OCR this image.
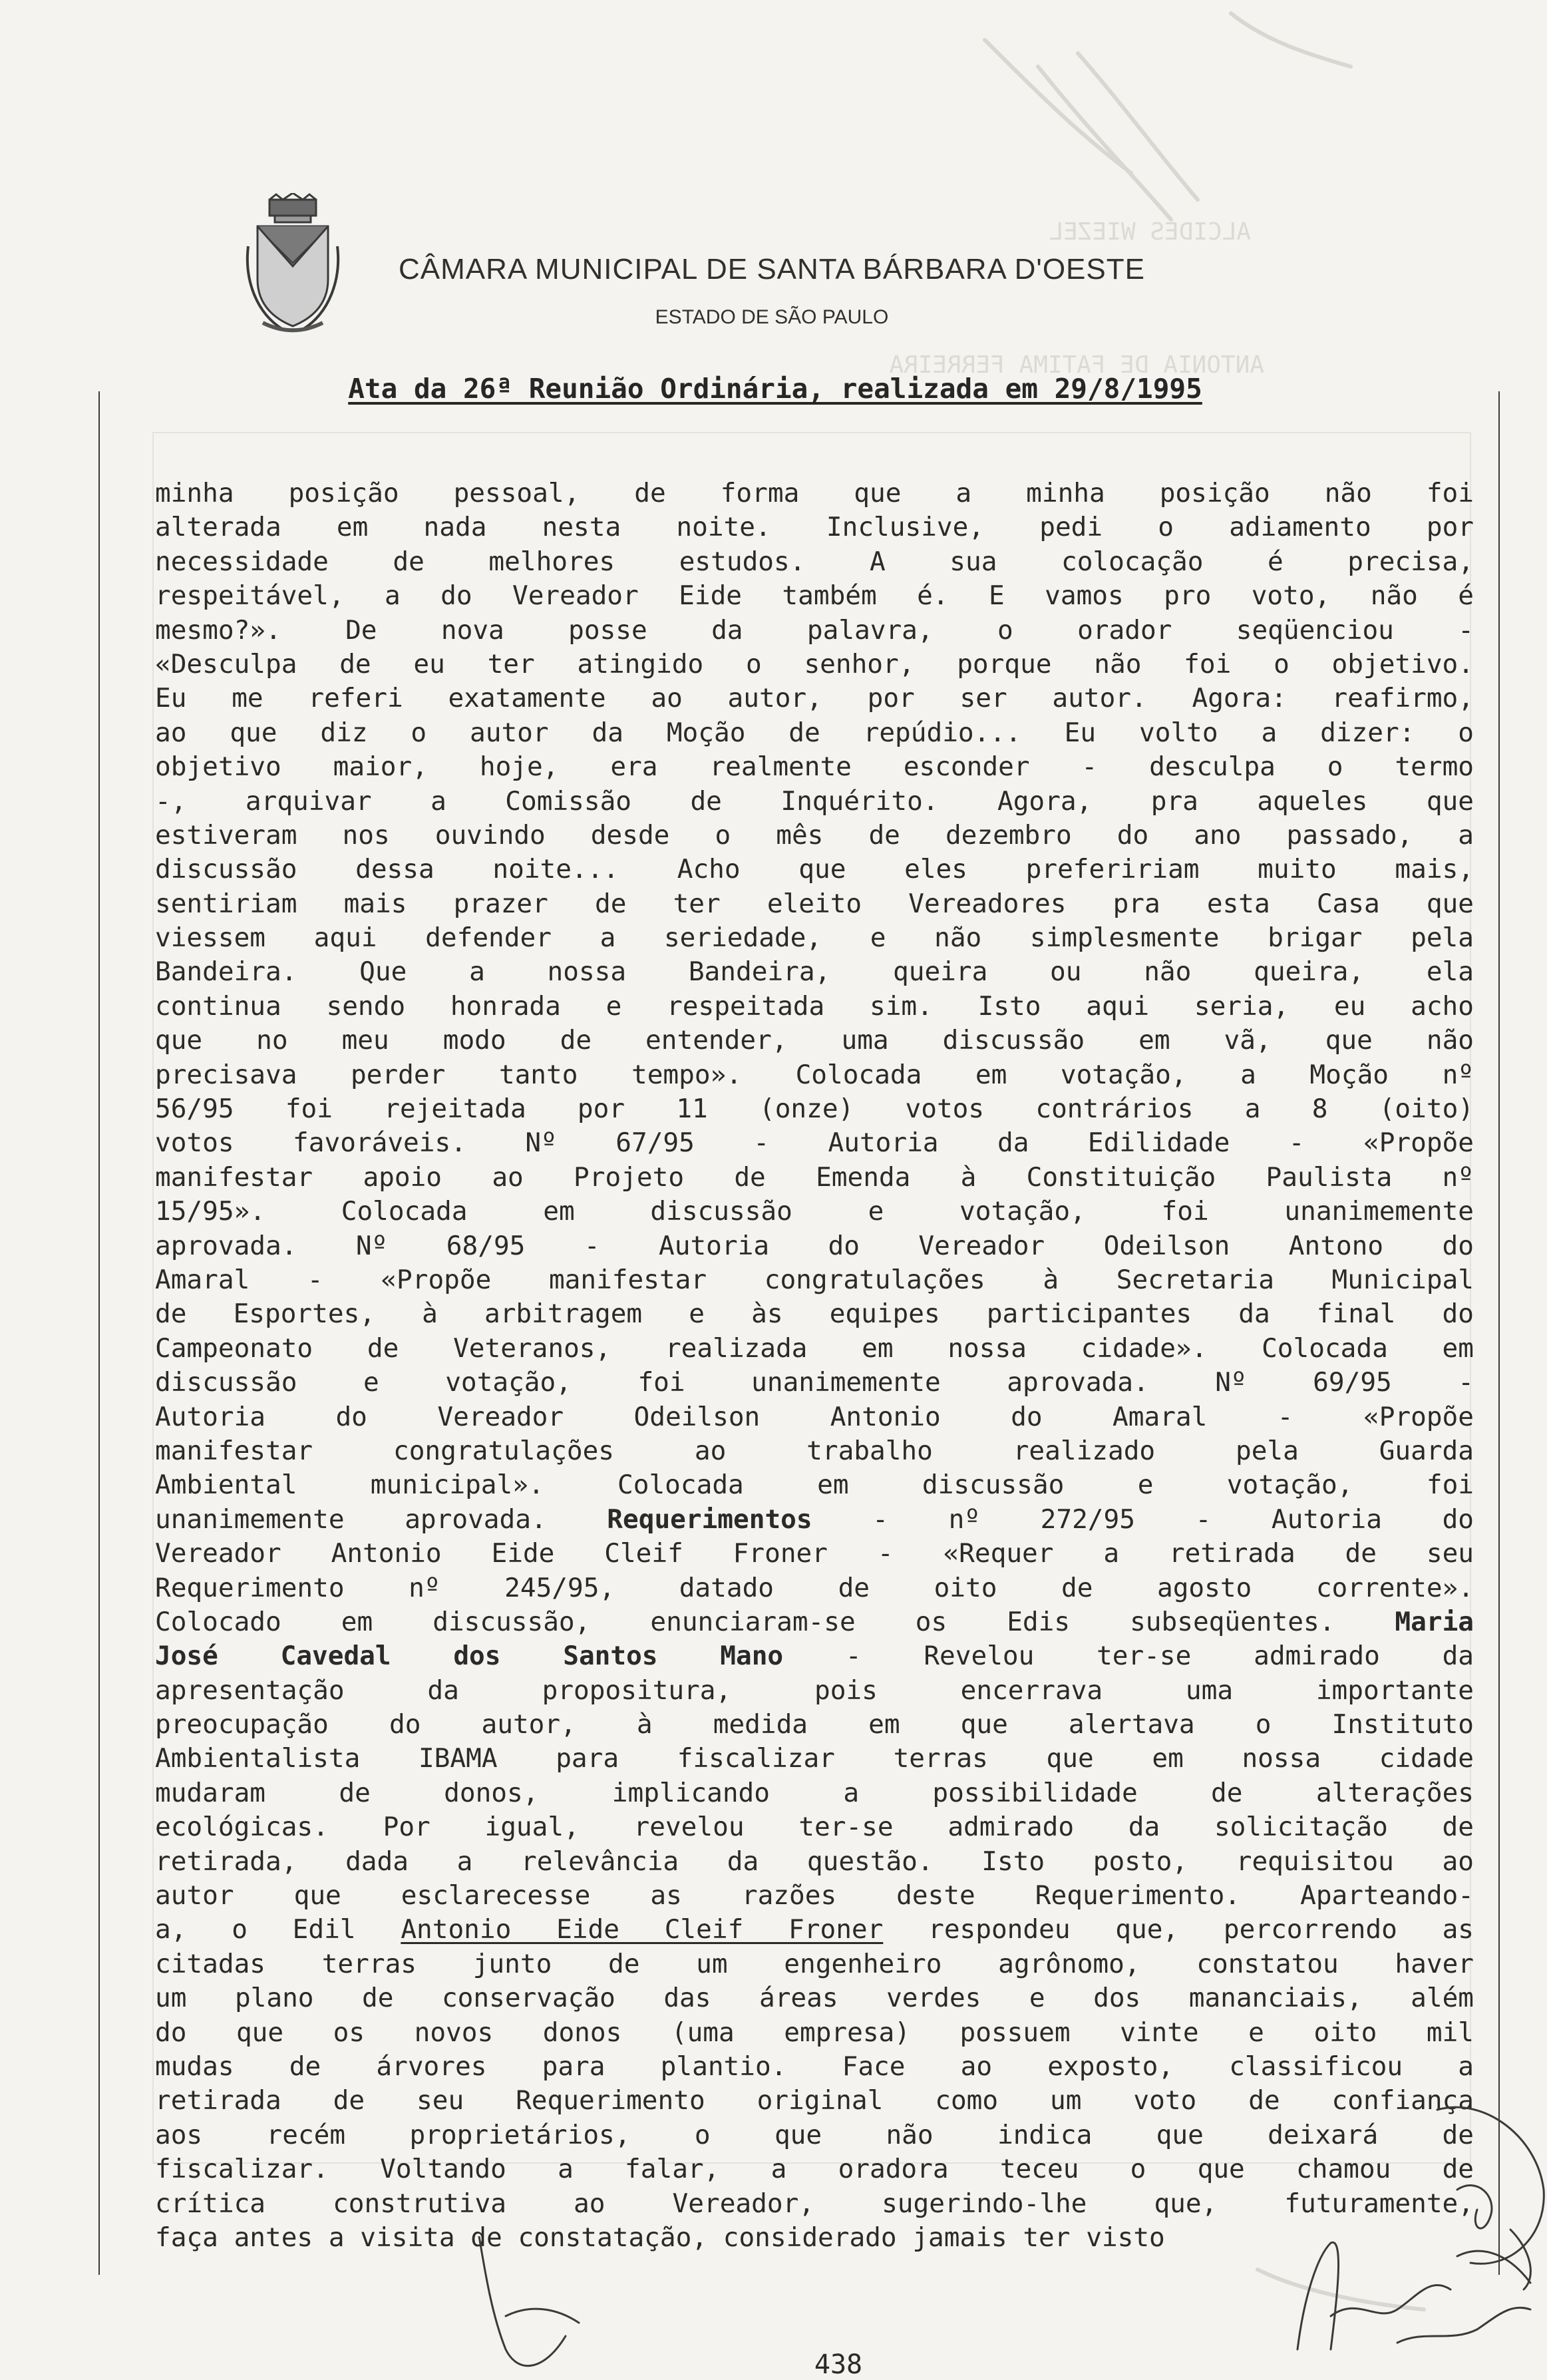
ALCIDES WIEZEL
ANTONIA DE FATIMA FERREIRA
CÂMARA MUNICIPAL DE SANTA BÁRBARA D'OESTE
ESTADO DE SÃO PAULO
Ata da 26ª Reunião Ordinária, realizada em 29/8/1995
minha posição pessoal, de forma que a minha posição não foi
alterada em nada nesta noite. Inclusive, pedi o adiamento por
necessidade de melhores estudos. A sua colocação é precisa,
respeitável, a do Vereador Eide também é. E vamos pro voto, não é
mesmo?». De nova posse da palavra, o orador seqüenciou -
«Desculpa de eu ter atingido o senhor, porque não foi o objetivo.
Eu me referi exatamente ao autor, por ser autor. Agora: reafirmo,
ao que diz o autor da Moção de repúdio... Eu volto a dizer: o
objetivo maior, hoje, era realmente esconder - desculpa o termo
-, arquivar a Comissão de Inquérito. Agora, pra aqueles que
estiveram nos ouvindo desde o mês de dezembro do ano passado, a
discussão dessa noite... Acho que eles prefeririam muito mais,
sentiriam mais prazer de ter eleito Vereadores pra esta Casa que
viessem aqui defender a seriedade, e não simplesmente brigar pela
Bandeira. Que a nossa Bandeira, queira ou não queira, ela
continua sendo honrada e respeitada sim. Isto aqui seria, eu acho
que no meu modo de entender, uma discussão em vã, que não
precisava perder tanto tempo». Colocada em votação, a Moção nº
56/95 foi rejeitada por 11 (onze) votos contrários a 8 (oito)
votos favoráveis. Nº 67/95 - Autoria da Edilidade - «Propõe
manifestar apoio ao Projeto de Emenda à Constituição Paulista nº
15/95». Colocada em discussão e votação, foi unanimemente
aprovada. Nº 68/95 - Autoria do Vereador Odeilson Antono do
Amaral - «Propõe manifestar congratulações à Secretaria Municipal
de Esportes, à arbitragem e às equipes participantes da final do
Campeonato de Veteranos, realizada em nossa cidade». Colocada em
discussão e votação, foi unanimemente aprovada. Nº 69/95 -
Autoria do Vereador Odeilson Antonio do Amaral - «Propõe
manifestar congratulações ao trabalho realizado pela Guarda
Ambiental municipal». Colocada em discussão e votação, foi
unanimemente aprovada. Requerimentos - nº 272/95 - Autoria do
Vereador Antonio Eide Cleif Froner - «Requer a retirada de seu
Requerimento nº 245/95, datado de oito de agosto corrente».
Colocado em discussão, enunciaram-se os Edis subseqüentes. Maria
José Cavedal dos Santos Mano - Revelou ter-se admirado da
apresentação da propositura, pois encerrava uma importante
preocupação do autor, à medida em que alertava o Instituto
Ambientalista IBAMA para fiscalizar terras que em nossa cidade
mudaram de donos, implicando a possibilidade de alterações
ecológicas. Por igual, revelou ter-se admirado da solicitação de
retirada, dada a relevância da questão. Isto posto, requisitou ao
autor que esclarecesse as razões deste Requerimento. Aparteando-
a, o Edil Antonio Eide Cleif Froner respondeu que, percorrendo as
citadas terras junto de um engenheiro agrônomo, constatou haver
um plano de conservação das áreas verdes e dos mananciais, além
do que os novos donos (uma empresa) possuem vinte e oito mil
mudas de árvores para plantio. Face ao exposto, classificou a
retirada de seu Requerimento original como um voto de confiança
aos recém proprietários, o que não indica que deixará de
fiscalizar. Voltando a falar, a oradora teceu o que chamou de
crítica construtiva ao Vereador, sugerindo-lhe que, futuramente,
faça antes a visita de constatação, considerado jamais ter visto
438
